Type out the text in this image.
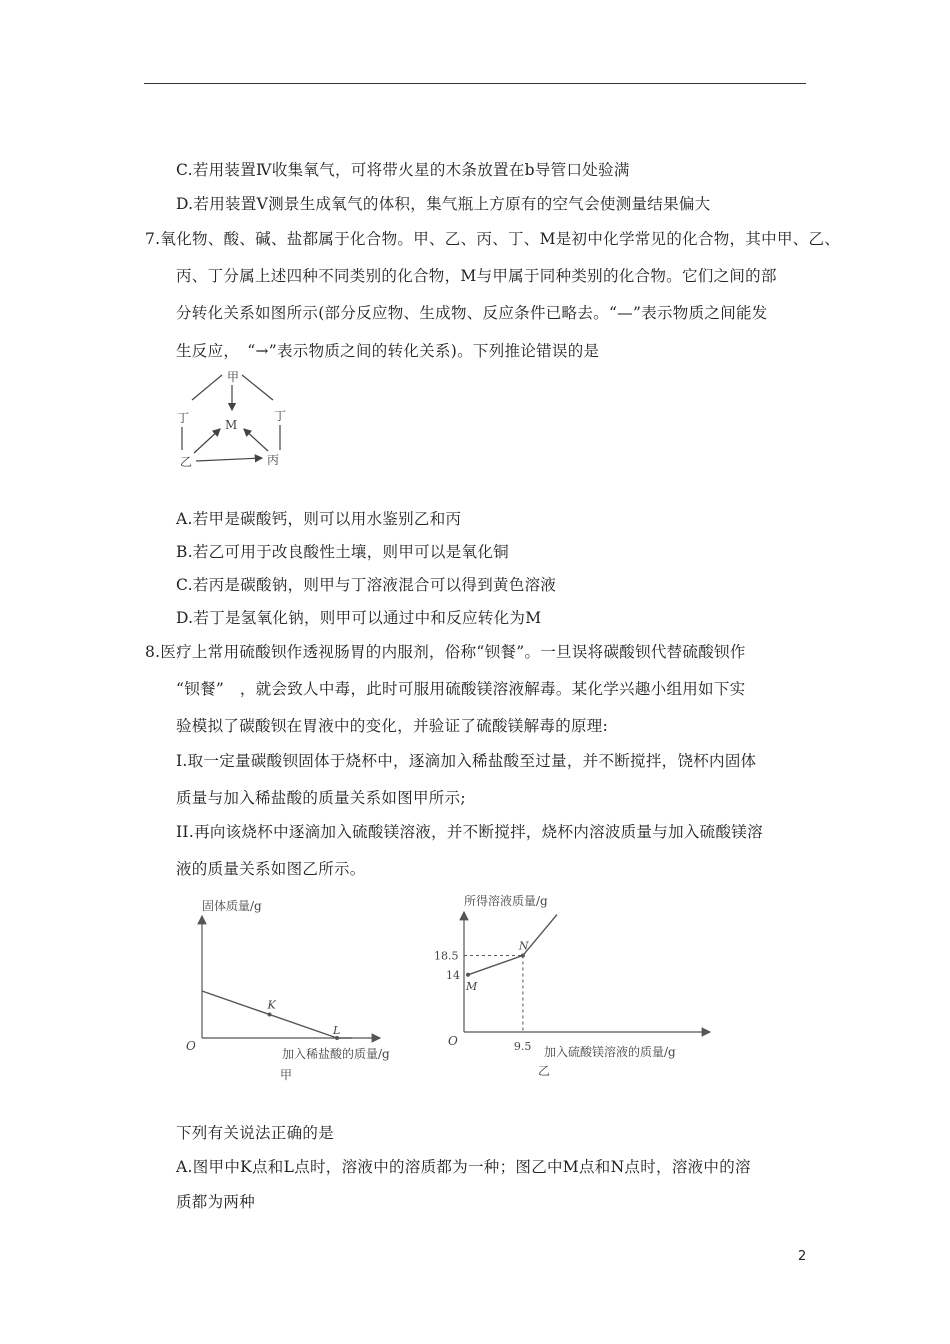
C.若用装置Ⅳ收集氧气，可将带火星的木条放置在b导管口处验满
D.若用装置Ⅴ测景生成氧气的体积，集气瓶上方原有的空气会使测量结果偏大
7.氧化物、酸、碱、盐都属于化合物。甲、乙、丙、丁、M是初中化学常见的化合物，其中甲、乙、
丙、丁分属上述四种不同类别的化合物，M与甲属于同种类别的化合物。它们之间的部
分转化关系如图所示(部分反应物、生成物、反应条件已略去。“—”表示物质之间能发
生反应，　“→”表示物质之间的转化关系)。下列推论错误的是
甲
丁	丁
M
乙	丙
A.若甲是碳酸钙，则可以用水鉴别乙和丙
B.若乙可用于改良酸性土壤，则甲可以是氧化铜
C.若丙是碳酸钠，则甲与丁溶液混合可以得到黄色溶液
D.若丁是氢氧化钠，则甲可以通过中和反应转化为M
8.医疗上常用硫酸钡作透视肠胃的内服剂，俗称“钡餐”。一旦误将碳酸钡代替硫酸钡作
“钡餐”　，就会致人中毒，此时可服用硫酸镁溶液解毒。某化学兴趣小组用如下实
验模拟了碳酸钡在胃液中的变化，并验证了硫酸镁解毒的原理:
I.取一定量碳酸钡固体于烧杯中，逐滴加入稀盐酸至过量，并不断搅拌，饶杯内固体
质量与加入稀盐酸的质量关系如图甲所示;
II.再向该烧杯中逐滴加入硫酸镁溶液，并不断搅拌，烧杯内溶波质量与加入硫酸镁溶
液的质量关系如图乙所示。
固体质量/g
O
K
L
加入稀盐酸的质量/g
甲
所得溶液质量/g
O
18.5
14
9.5
M
N
加入硫酸镁溶液的质量/g
乙
下列有关说法正确的是
A.图甲中K点和L点时，溶液中的溶质都为一种；图乙中M点和N点时，溶液中的溶
质都为两种
2
